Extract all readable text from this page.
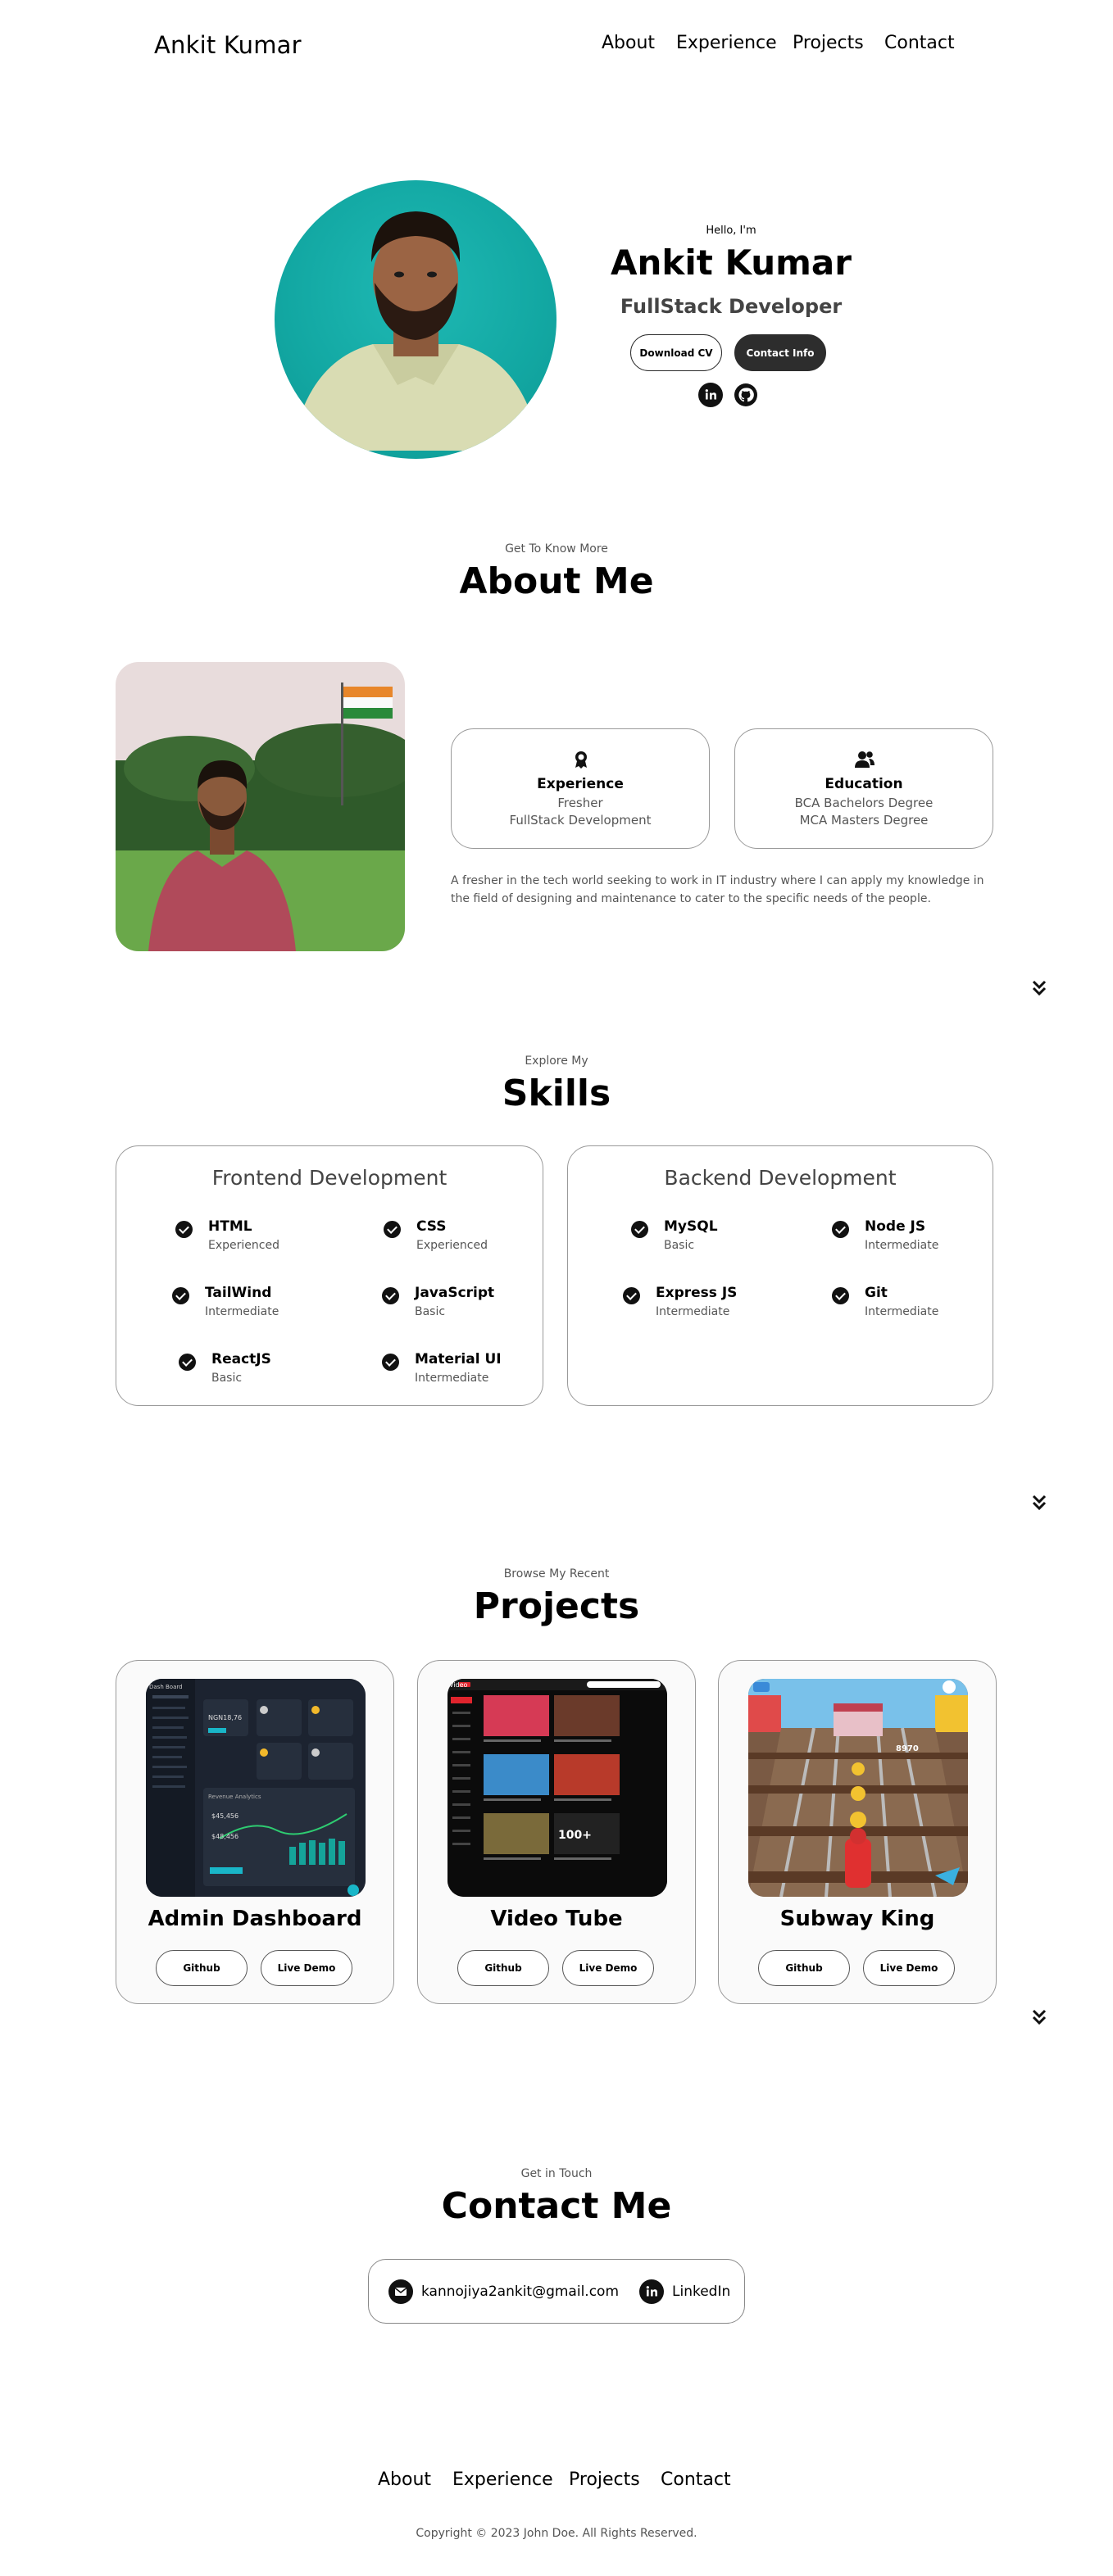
Ankit Kumar	About Experience Projects Contact
Hello, I'm
Ankit Kumar
FullStack Developer
Download CV	Contact Info
Get To Know More
About Me
Experience
Fresher
FullStack Development
Education
BCA Bachelors Degree
MCA Masters Degree
A fresher in the tech world seeking to work in IT industry where I can apply my knowledge in the field of designing and maintenance to cater to the specific needs of the people.
Explore My
Skills
Frontend Development
HTML
Experienced
CSS
Experienced
TailWind
Intermediate
JavaScript
Basic
ReactJS
Basic
Material UI
Intermediate
Backend Development
MySQL
Basic
Node JS
Intermediate
Express JS
Intermediate
Git
Intermediate
Browse My Recent
Projects
Dash Board
NGN18,76
Revenue Analytics
$45,456
$48,456
Admin Dashboard
Github	Live Demo
Video
100+
Video Tube
Github	Live Demo
8970
Subway King
Github	Live Demo
Get in Touch
Contact Me
kannojiya2ankit@gmail.com	LinkedIn
About Experience Projects Contact
Copyright © 2023 John Doe. All Rights Reserved.
